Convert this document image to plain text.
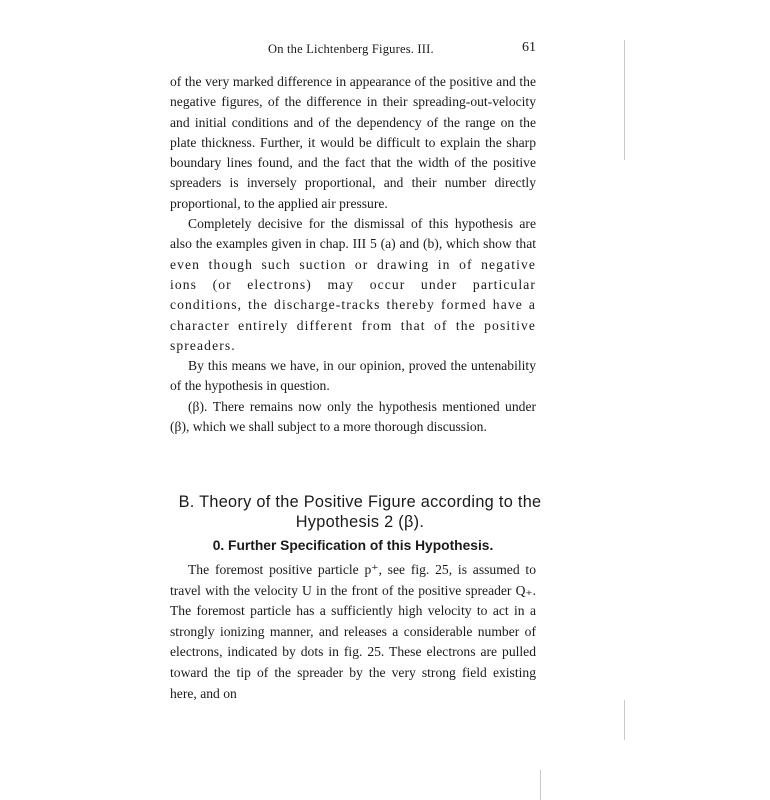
On the Lichtenberg Figures. III.	61

of the very marked difference in appearance of the positive and the negative figures, of the difference in their spreading-out-velocity and initial conditions and of the dependency of the range on the plate thickness. Further, it would be difficult to explain the sharp boundary lines found, and the fact that the width of the positive spreaders is inversely proportional, and their number directly proportional, to the applied air pressure.

Completely decisive for the dismissal of this hypothesis are also the examples given in chap. III 5 (a) and (b), which show that even though such suction or drawing in of negative ions (or electrons) may occur under particular conditions, the discharge-tracks thereby formed have a character entirely different from that of the positive spreaders.

By this means we have, in our opinion, proved the untenability of the hypothesis in question.

(β). There remains now only the hypothesis mentioned under (β), which we shall subject to a more thorough discussion.

B. Theory of the Positive Figure according to the Hypothesis 2 (β).
0. Further Specification of this Hypothesis.

The foremost positive particle p⁺, see fig. 25, is assumed to travel with the velocity U in the front of the positive spreader Q₊. The foremost particle has a sufficiently high velocity to act in a strongly ionizing manner, and releases a considerable number of electrons, indicated by dots in fig. 25. These electrons are pulled toward the tip of the spreader by the very strong field existing here, and on
